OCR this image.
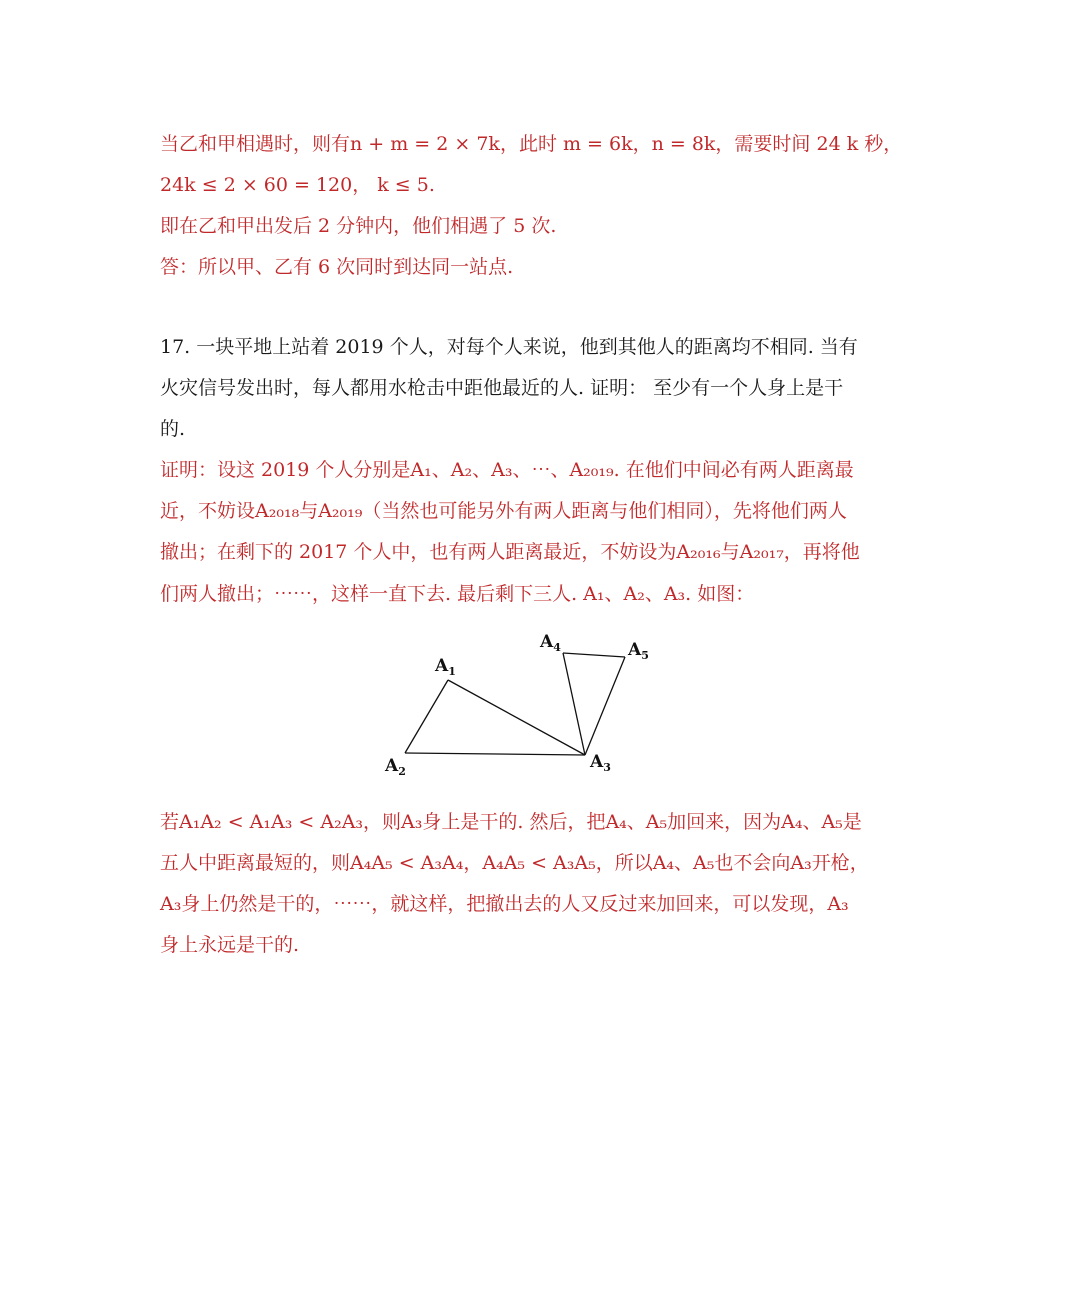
当乙和甲相遇时，则有n + m = 2 × 7k，此时 m = 6k，n = 8k，需要时间 24 k 秒，
24k ≤ 2 × 60 = 120， k ≤ 5.
即在乙和甲出发后 2 分钟内，他们相遇了 5 次.
答：所以甲、乙有 6 次同时到达同一站点.
17. 一块平地上站着 2019 个人，对每个人来说，他到其他人的距离均不相同. 当有
火灾信号发出时，每人都用水枪击中距他最近的人. 证明： 至少有一个人身上是干
的.
证明：设这 2019 个人分别是A₁、A₂、A₃、⋯、A₂₀₁₉. 在他们中间必有两人距离最
近，不妨设A₂₀₁₈与A₂₀₁₉（当然也可能另外有两人距离与他们相同），先将他们两人
撤出；在剩下的 2017 个人中，也有两人距离最近，不妨设为A₂₀₁₆与A₂₀₁₇，再将他
们两人撤出；⋯⋯，这样一直下去. 最后剩下三人. A₁、A₂、A₃. 如图：
$A_1$
$A_2$	$A_3$
$A_4$	$A_5$
若A₁A₂ < A₁A₃ < A₂A₃，则A₃身上是干的. 然后，把A₄、A₅加回来，因为A₄、A₅是
五人中距离最短的，则A₄A₅ < A₃A₄，A₄A₅ < A₃A₅，所以A₄、A₅也不会向A₃开枪，
A₃身上仍然是干的，⋯⋯，就这样，把撤出去的人又反过来加回来，可以发现，A₃
身上永远是干的.
